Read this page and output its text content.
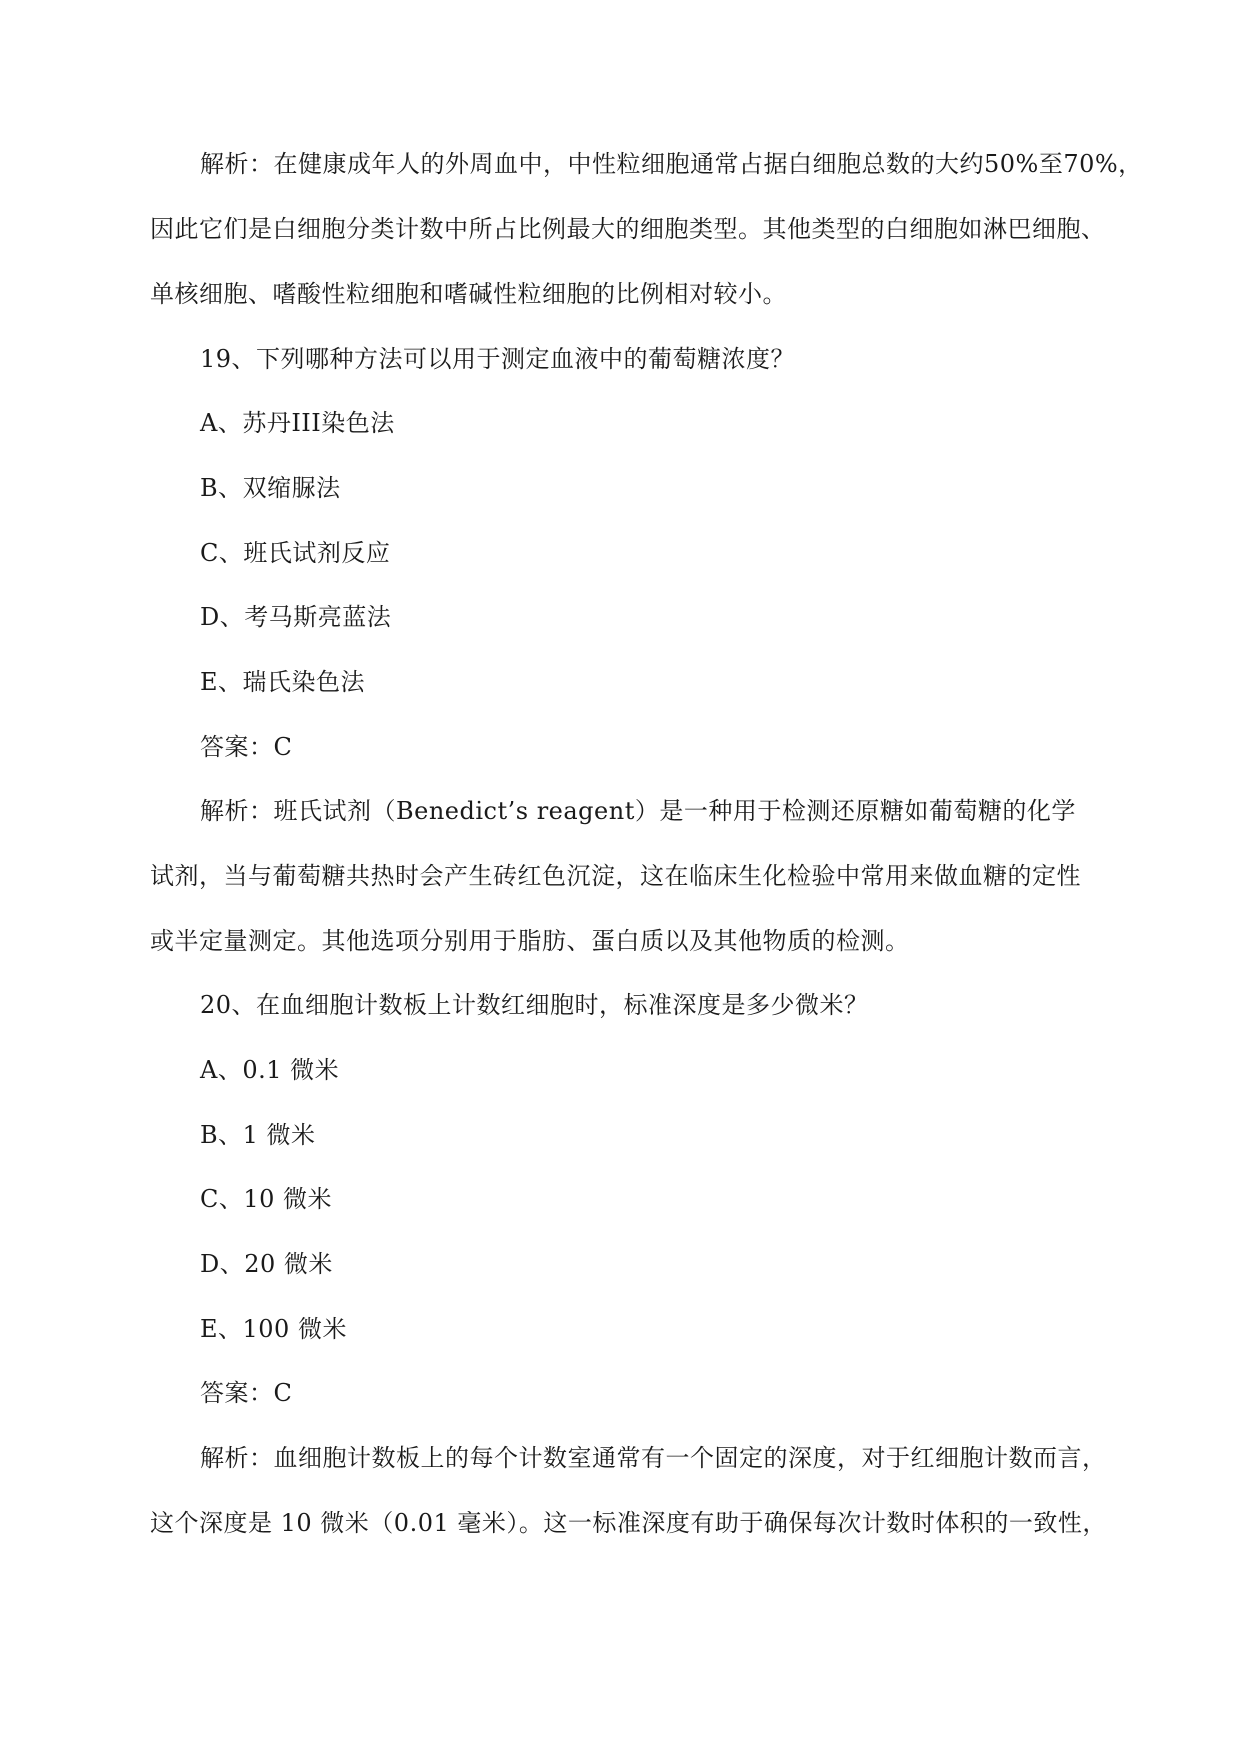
解析：在健康成年人的外周血中，中性粒细胞通常占据白细胞总数的大约50%至70%，
因此它们是白细胞分类计数中所占比例最大的细胞类型。其他类型的白细胞如淋巴细胞、
单核细胞、嗜酸性粒细胞和嗜碱性粒细胞的比例相对较小。
19、下列哪种方法可以用于测定血液中的葡萄糖浓度？
A、苏丹III染色法
B、双缩脲法
C、班氏试剂反应
D、考马斯亮蓝法
E、瑞氏染色法
答案：C
解析：班氏试剂（Benedict’s reagent）是一种用于检测还原糖如葡萄糖的化学
试剂，当与葡萄糖共热时会产生砖红色沉淀，这在临床生化检验中常用来做血糖的定性
或半定量测定。其他选项分别用于脂肪、蛋白质以及其他物质的检测。
20、在血细胞计数板上计数红细胞时，标准深度是多少微米？
A、0.1 微米
B、1 微米
C、10 微米
D、20 微米
E、100 微米
答案：C
解析：血细胞计数板上的每个计数室通常有一个固定的深度，对于红细胞计数而言，
这个深度是 10 微米（0.01 毫米）。这一标准深度有助于确保每次计数时体积的一致性，
